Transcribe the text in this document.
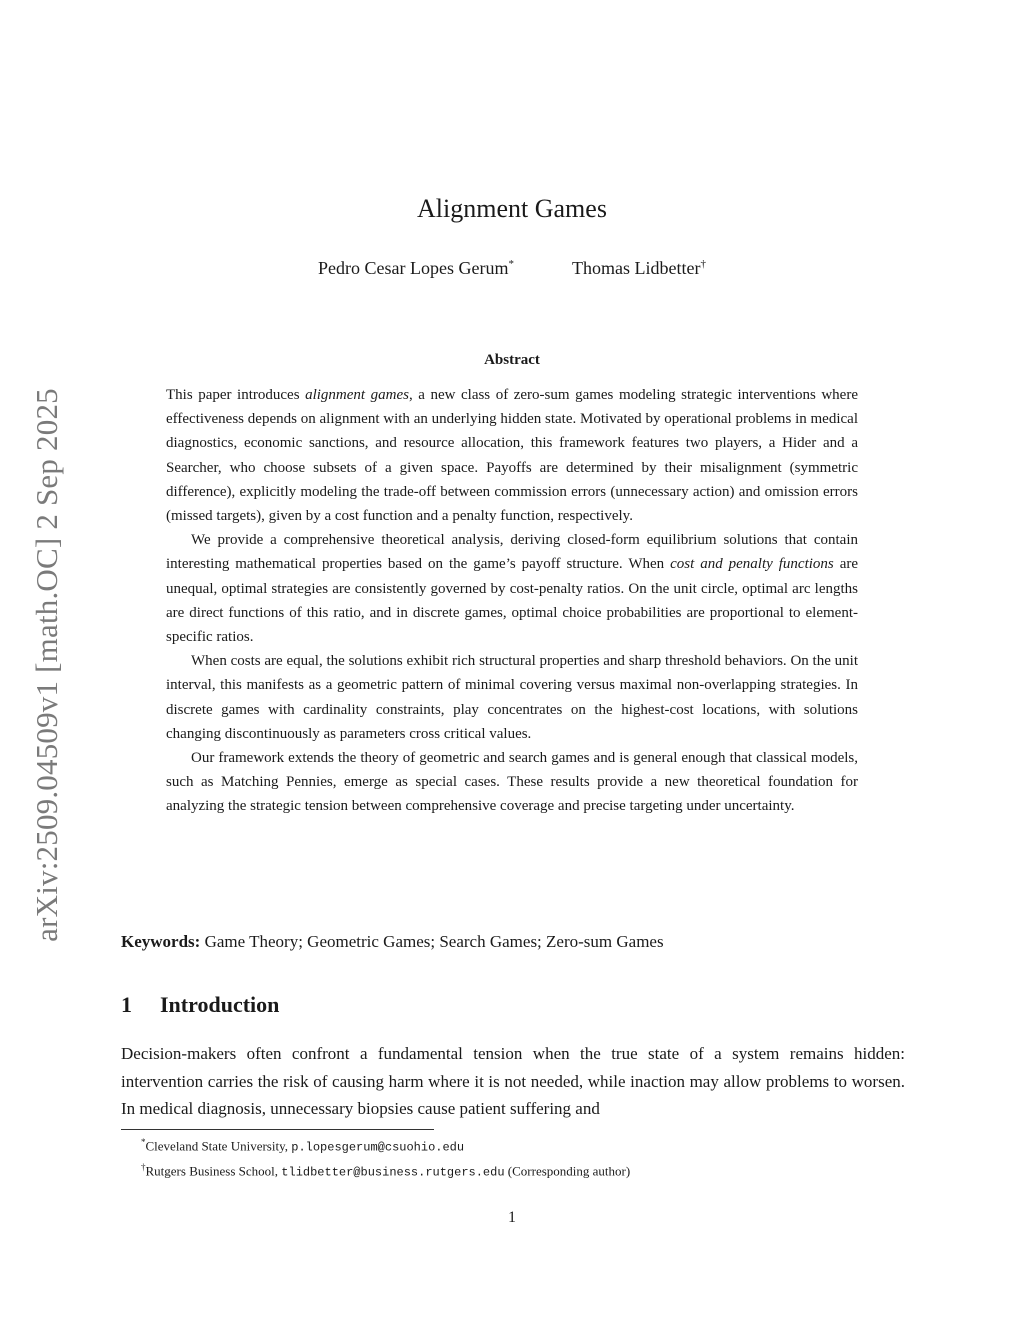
arXiv:2509.04509v1 [math.OC] 2 Sep 2025
Alignment Games
Pedro Cesar Lopes Gerum*	Thomas Lidbetter†
Abstract

This paper introduces alignment games, a new class of zero-sum games modeling strategic interventions where effectiveness depends on alignment with an underlying hidden state. Motivated by operational problems in medical diagnostics, economic sanctions, and resource allocation, this framework features two players, a Hider and a Searcher, who choose subsets of a given space. Payoffs are determined by their misalignment (symmetric difference), explicitly modeling the trade-off between commission errors (unnecessary action) and omission errors (missed targets), given by a cost function and a penalty function, respectively.

We provide a comprehensive theoretical analysis, deriving closed-form equilibrium solutions that contain interesting mathematical properties based on the game’s payoff structure. When cost and penalty functions are unequal, optimal strategies are consistently governed by cost-penalty ratios. On the unit circle, optimal arc lengths are direct functions of this ratio, and in discrete games, optimal choice probabilities are proportional to element-specific ratios.

When costs are equal, the solutions exhibit rich structural properties and sharp threshold behaviors. On the unit interval, this manifests as a geometric pattern of minimal covering versus maximal non-overlapping strategies. In discrete games with cardinality constraints, play concentrates on the highest-cost locations, with solutions changing discontinuously as parameters cross critical values.

Our framework extends the theory of geometric and search games and is general enough that classical models, such as Matching Pennies, emerge as special cases. These results provide a new theoretical foundation for analyzing the strategic tension between comprehensive coverage and precise targeting under uncertainty.

Keywords: Game Theory; Geometric Games; Search Games; Zero-sum Games
1 Introduction

Decision-makers often confront a fundamental tension when the true state of a system remains hidden: intervention carries the risk of causing harm where it is not needed, while inaction may allow problems to worsen. In medical diagnosis, unnecessary biopsies cause patient suffering and

*Cleveland State University, p.lopesgerum@csuohio.edu
†Rutgers Business School, tlidbetter@business.rutgers.edu (Corresponding author)
1
